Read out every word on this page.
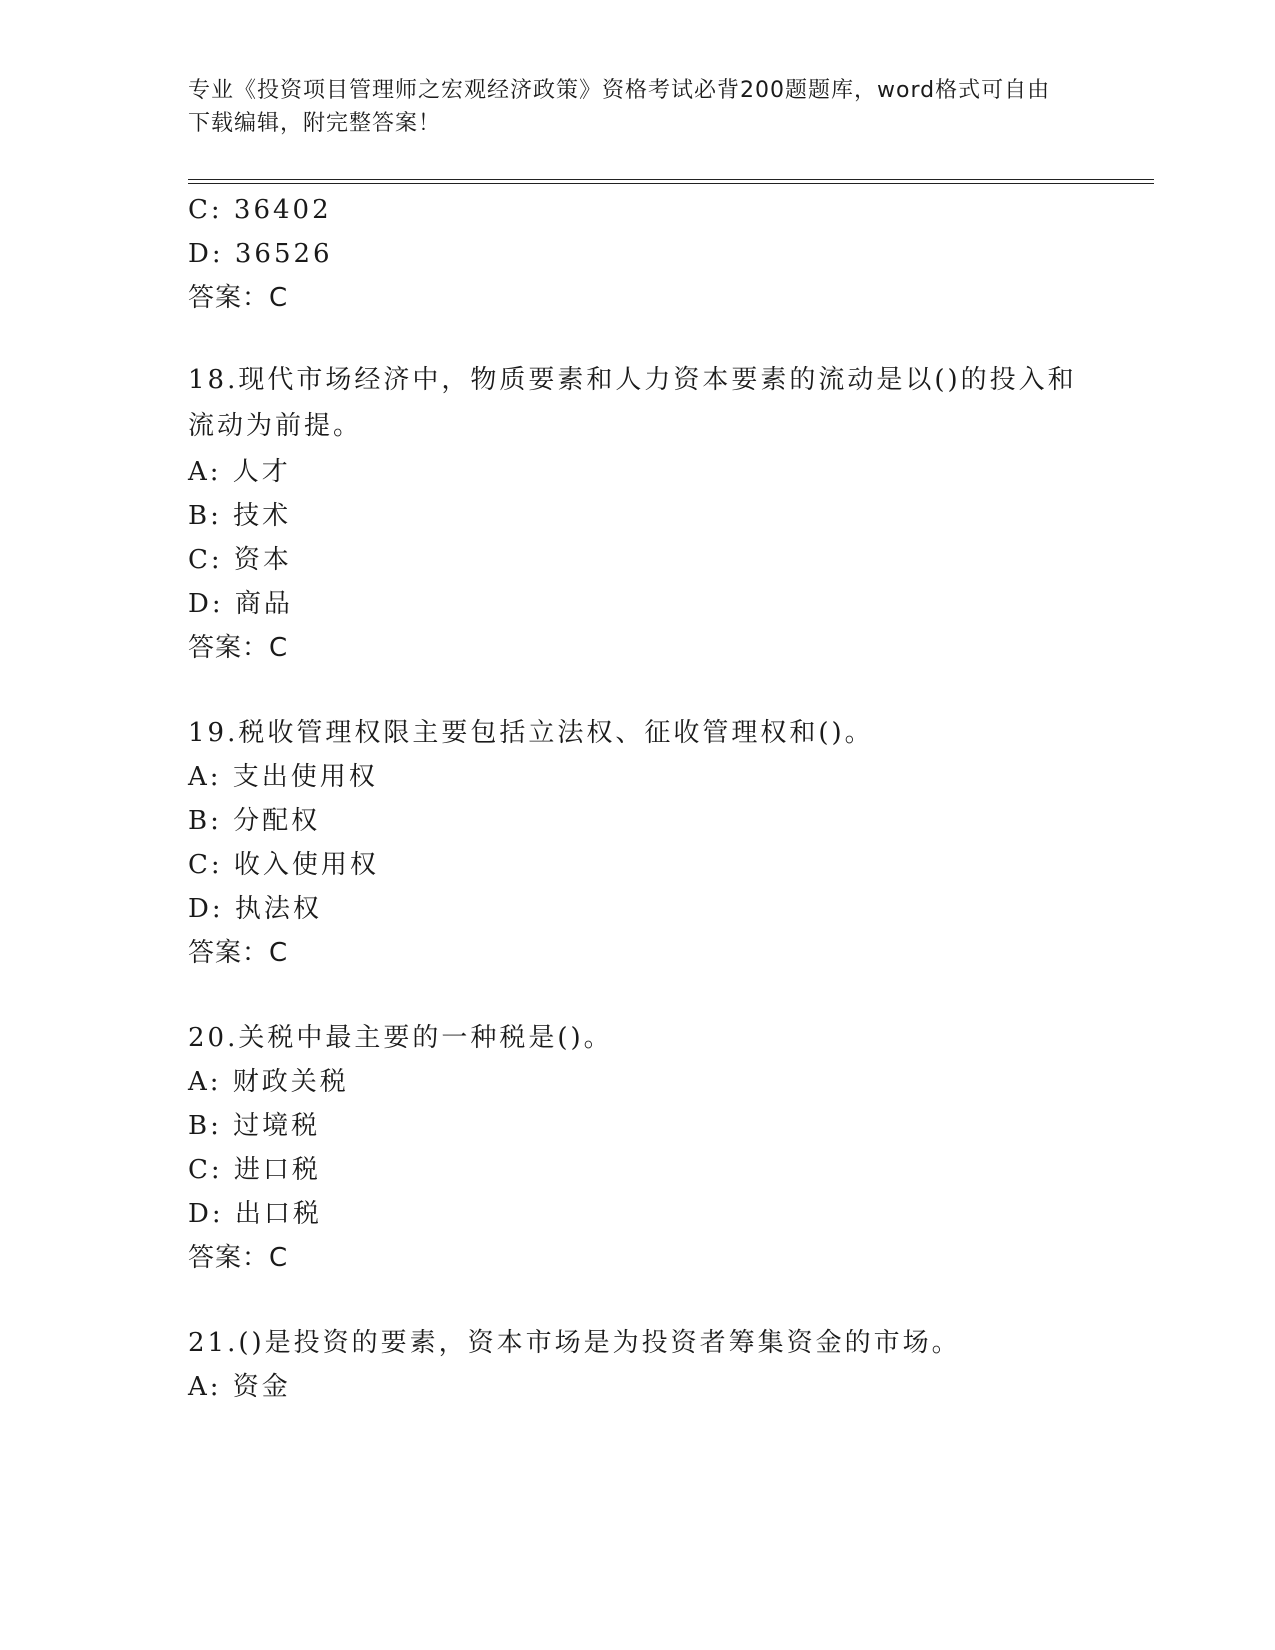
专业《投资项目管理师之宏观经济政策》资格考试必背200题题库，word格式可自由下载编辑，附完整答案！
C: 36402
D: 36526
答案：C
18.现代市场经济中，物质要素和人力资本要素的流动是以()的投入和流动为前提。
A: 人才
B: 技术
C: 资本
D: 商品
答案：C
19.税收管理权限主要包括立法权、征收管理权和()。
A: 支出使用权
B: 分配权
C: 收入使用权
D: 执法权
答案：C
20.关税中最主要的一种税是()。
A: 财政关税
B: 过境税
C: 进口税
D: 出口税
答案：C
21.()是投资的要素，资本市场是为投资者筹集资金的市场。
A: 资金
